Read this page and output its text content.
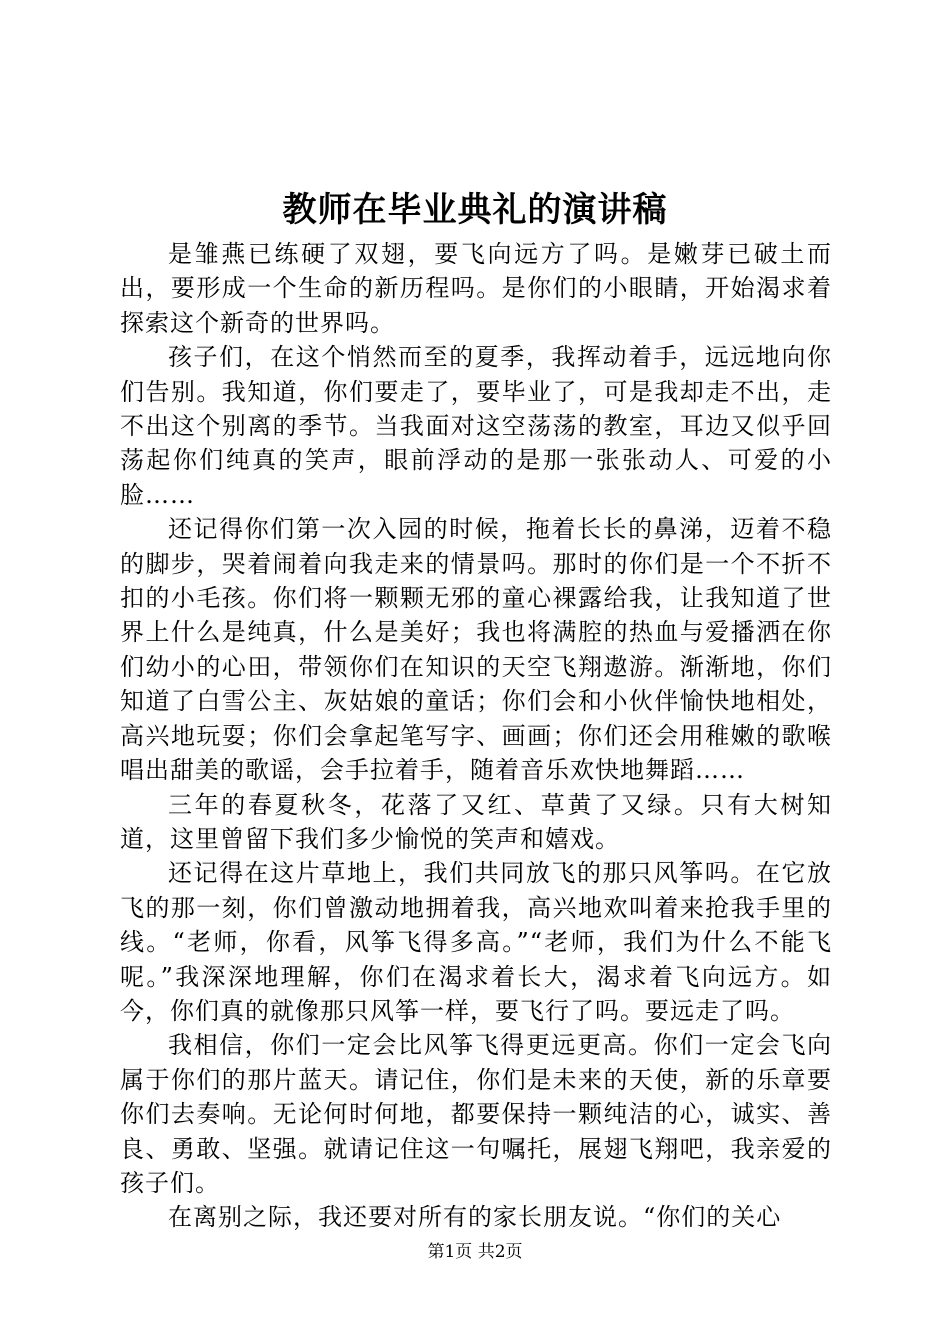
教师在毕业典礼的演讲稿

是雏燕已练硬了双翅，要飞向远方了吗。是嫩芽已破土而出，要形成一个生命的新历程吗。是你们的小眼睛，开始渴求着探索这个新奇的世界吗。

孩子们，在这个悄然而至的夏季，我挥动着手，远远地向你们告别。我知道，你们要走了，要毕业了，可是我却走不出，走不出这个别离的季节。当我面对这空荡荡的教室，耳边又似乎回荡起你们纯真的笑声，眼前浮动的是那一张张动人、可爱的小脸……

还记得你们第一次入园的时候，拖着长长的鼻涕，迈着不稳的脚步，哭着闹着向我走来的情景吗。那时的你们是一个不折不扣的小毛孩。你们将一颗颗无邪的童心裸露给我，让我知道了世界上什么是纯真，什么是美好；我也将满腔的热血与爱播洒在你们幼小的心田，带领你们在知识的天空飞翔遨游。渐渐地，你们知道了白雪公主、灰姑娘的童话；你们会和小伙伴愉快地相处，高兴地玩耍；你们会拿起笔写字、画画；你们还会用稚嫩的歌喉唱出甜美的歌谣，会手拉着手，随着音乐欢快地舞蹈……

三年的春夏秋冬，花落了又红、草黄了又绿。只有大树知道，这里曾留下我们多少愉悦的笑声和嬉戏。

还记得在这片草地上，我们共同放飞的那只风筝吗。在它放飞的那一刻，你们曾激动地拥着我，高兴地欢叫着来抢我手里的线。“老师，你看，风筝飞得多高。”“老师，我们为什么不能飞呢。”我深深地理解，你们在渴求着长大，渴求着飞向远方。如今，你们真的就像那只风筝一样，要飞行了吗。要远走了吗。

我相信，你们一定会比风筝飞得更远更高。你们一定会飞向属于你们的那片蓝天。请记住，你们是未来的天使，新的乐章要你们去奏响。无论何时何地，都要保持一颗纯洁的心，诚实、善良、勇敢、坚强。就请记住这一句嘱托，展翅飞翔吧，我亲爱的孩子们。

在离别之际，我还要对所有的家长朋友说。“你们的关心

第1页 共2页
